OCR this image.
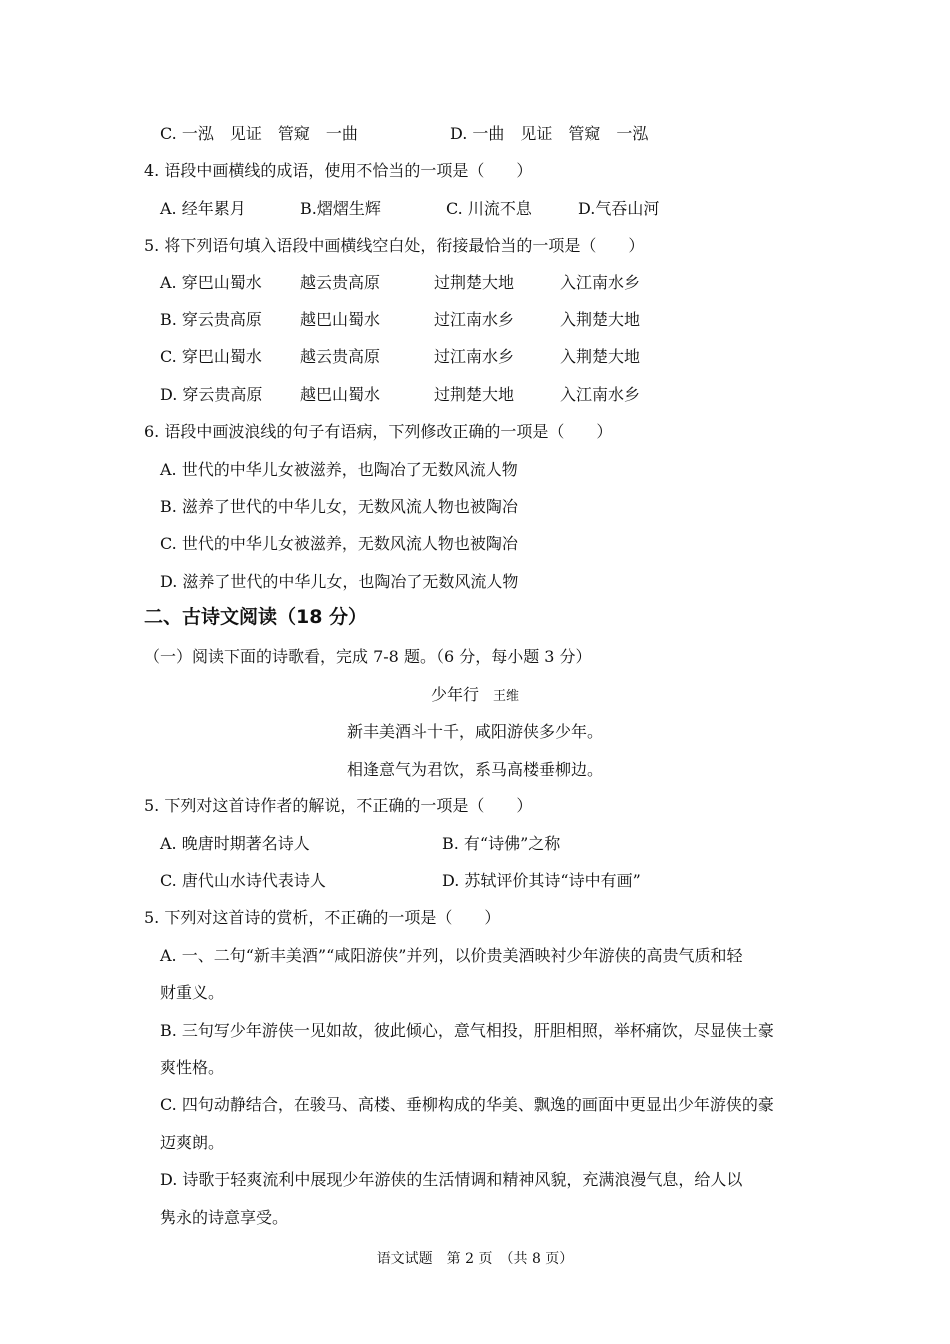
C. 一泓　见证　管窥　一曲	D. 一曲　见证　管窥　一泓
4. 语段中画横线的成语，使用不恰当的一项是（　　）
A. 经年累月	B.熠熠生辉	C. 川流不息	D.气吞山河
5. 将下列语句填入语段中画横线空白处，衔接最恰当的一项是（　　）
A. 穿巴山蜀水 越云贵高原	过荆楚大地	入江南水乡
B. 穿云贵高原 越巴山蜀水	过江南水乡	入荆楚大地
C. 穿巴山蜀水 越云贵高原	过江南水乡	入荆楚大地
D. 穿云贵高原 越巴山蜀水	过荆楚大地	入江南水乡
6. 语段中画波浪线的句子有语病，下列修改正确的一项是（　　）
A. 世代的中华儿女被滋养，也陶冶了无数风流人物
B. 滋养了世代的中华儿女，无数风流人物也被陶冶
C. 世代的中华儿女被滋养，无数风流人物也被陶冶
D. 滋养了世代的中华儿女，也陶冶了无数风流人物
二、古诗文阅读（18 分）
（一）阅读下面的诗歌看，完成 7-8 题。（6 分，每小题 3 分）
少年行 王维
新丰美酒斗十千，咸阳游侠多少年。
相逢意气为君饮，系马高楼垂柳边。
5. 下列对这首诗作者的解说，不正确的一项是（　　）
A. 晚唐时期著名诗人	B. 有“诗佛”之称
C. 唐代山水诗代表诗人	D. 苏轼评价其诗“诗中有画”
5. 下列对这首诗的赏析，不正确的一项是（　　）
A. 一、二句“新丰美酒”“咸阳游侠”并列，以价贵美酒映衬少年游侠的高贵气质和轻
财重义。
B. 三句写少年游侠一见如故，彼此倾心，意气相投，肝胆相照，举杯痛饮，尽显侠士豪
爽性格。
C. 四句动静结合，在骏马、高楼、垂柳构成的华美、飘逸的画面中更显出少年游侠的豪
迈爽朗。
D. 诗歌于轻爽流利中展现少年游侠的生活情调和精神风貌，充满浪漫气息，给人以
隽永的诗意享受。
语文试题　第 2 页　（共 8 页）
